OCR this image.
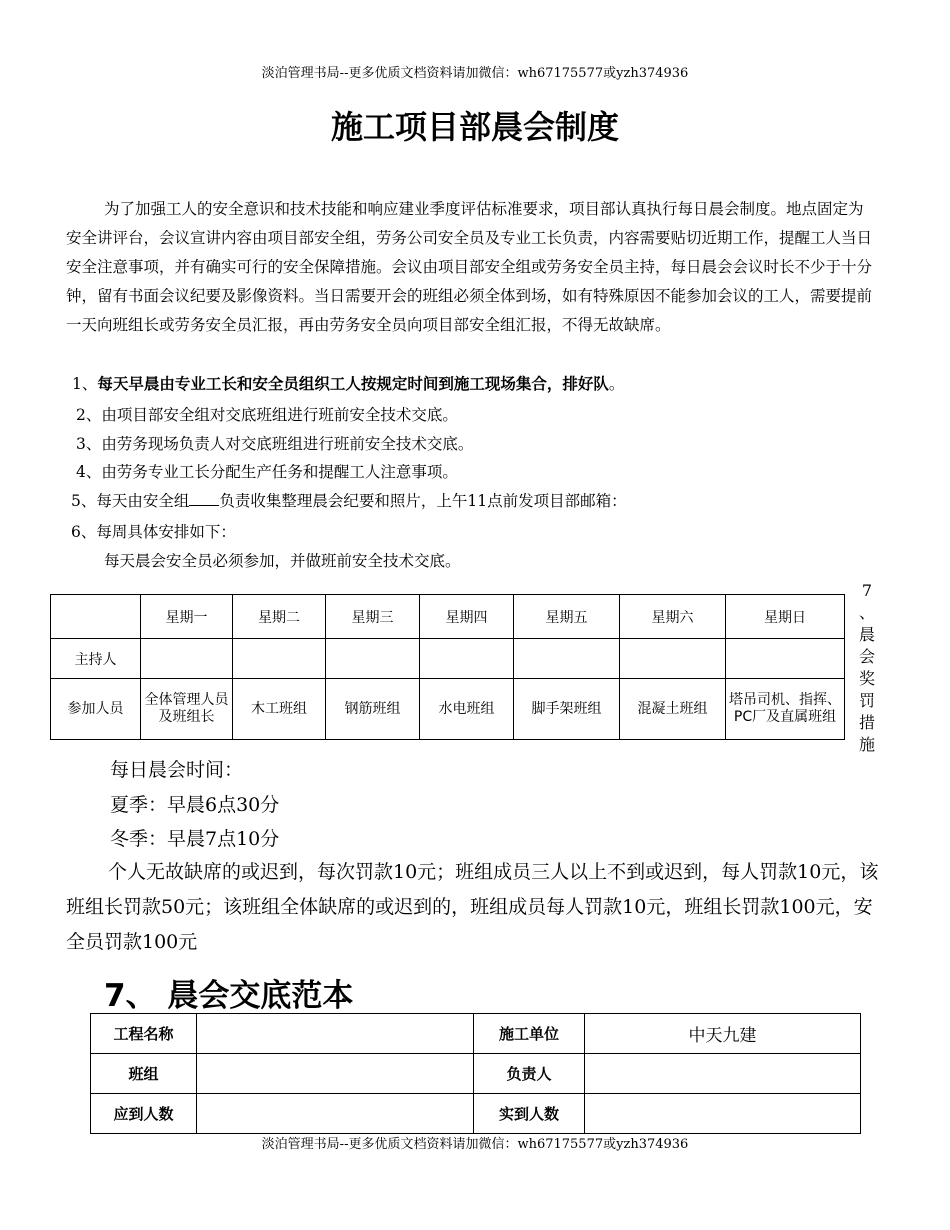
淡泊管理书局--更多优质文档资料请加微信：wh67175577或yzh374936
施工项目部晨会制度

为了加强工人的安全意识和技术技能和响应建业季度评估标准要求，项目部认真执行每日晨会制度。地点固定为安全讲评台，会议宣讲内容由项目部安全组，劳务公司安全员及专业工长负责，内容需要贴切近期工作，提醒工人当日安全注意事项，并有确实可行的安全保障措施。会议由项目部安全组或劳务安全员主持，每日晨会会议时长不少于十分钟，留有书面会议纪要及影像资料。当日需要开会的班组必须全体到场，如有特殊原因不能参加会议的工人，需要提前一天向班组长或劳务安全员汇报，再由劳务安全员向项目部安全组汇报，不得无故缺席。

1、每天早晨由专业工长和安全员组织工人按规定时间到施工现场集合，排好队。
2、由项目部安全组对交底班组进行班前安全技术交底。
3、由劳务现场负责人对交底班组进行班前安全技术交底。
4、由劳务专业工长分配生产任务和提醒工人注意事项。
5、每天由安全组 负责收集整理晨会纪要和照片，上午11点前发项目部邮箱：
6、每周具体安排如下：
每天晨会安全员必须参加，并做班前安全技术交底。
	星期一	星期二	星期三	星期四	星期五	星期六	星期日
主持人							
参加人员	全体管理人员及班组长	木工班组	钢筋班组	水电班组	脚手架班组	混凝土班组	塔吊司机、指挥、PC厂及直属班组
7
、
晨
会
奖
罚
措
施
每日晨会时间：
夏季：早晨6点30分
冬季：早晨7点10分

个人无故缺席的或迟到，每次罚款10元；班组成员三人以上不到或迟到，每人罚款10元，该班组长罚款50元；该班组全体缺席的或迟到的，班组成员每人罚款10元，班组长罚款100元，安全员罚款100元

7、 晨会交底范本
工程名称		施工单位	中天九建
班组		负责人	
应到人数		实到人数	
淡泊管理书局--更多优质文档资料请加微信：wh67175577或yzh374936
